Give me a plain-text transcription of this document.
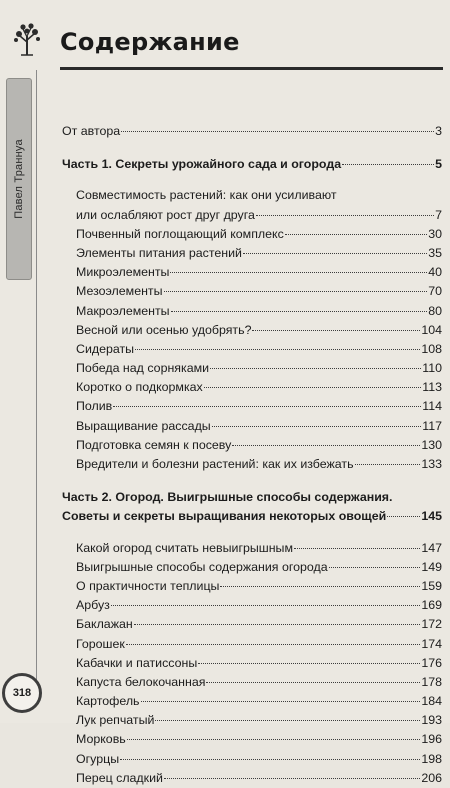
Павел Траннуа
318
Содержание
От автора	3
Часть 1. Секреты урожайного сада и огорода	5
Совместимость растений: как они усиливают
или ослабляют рост друг друга	7
Почвенный поглощающий комплекс	30
Элементы питания растений	35
Микроэлементы	40
Мезоэлементы	70
Макроэлементы	80
Весной или осенью удобрять?	104
Сидераты	108
Победа над сорняками	110
Коротко о подкормках	113
Полив	114
Выращивание рассады	117
Подготовка семян к посеву	130
Вредители и болезни растений: как их избежать	133
Часть 2. Огород. Выигрышные способы содержания.
Советы и секреты выращивания некоторых овощей	145
Какой огород считать невыигрышным	147
Выигрышные способы содержания огорода	149
О практичности теплицы	159
Арбуз	169
Баклажан	172
Горошек	174
Кабачки и патиссоны	176
Капуста белокочанная	178
Картофель	184
Лук репчатый	193
Морковь	196
Огурцы	198
Перец сладкий	206
